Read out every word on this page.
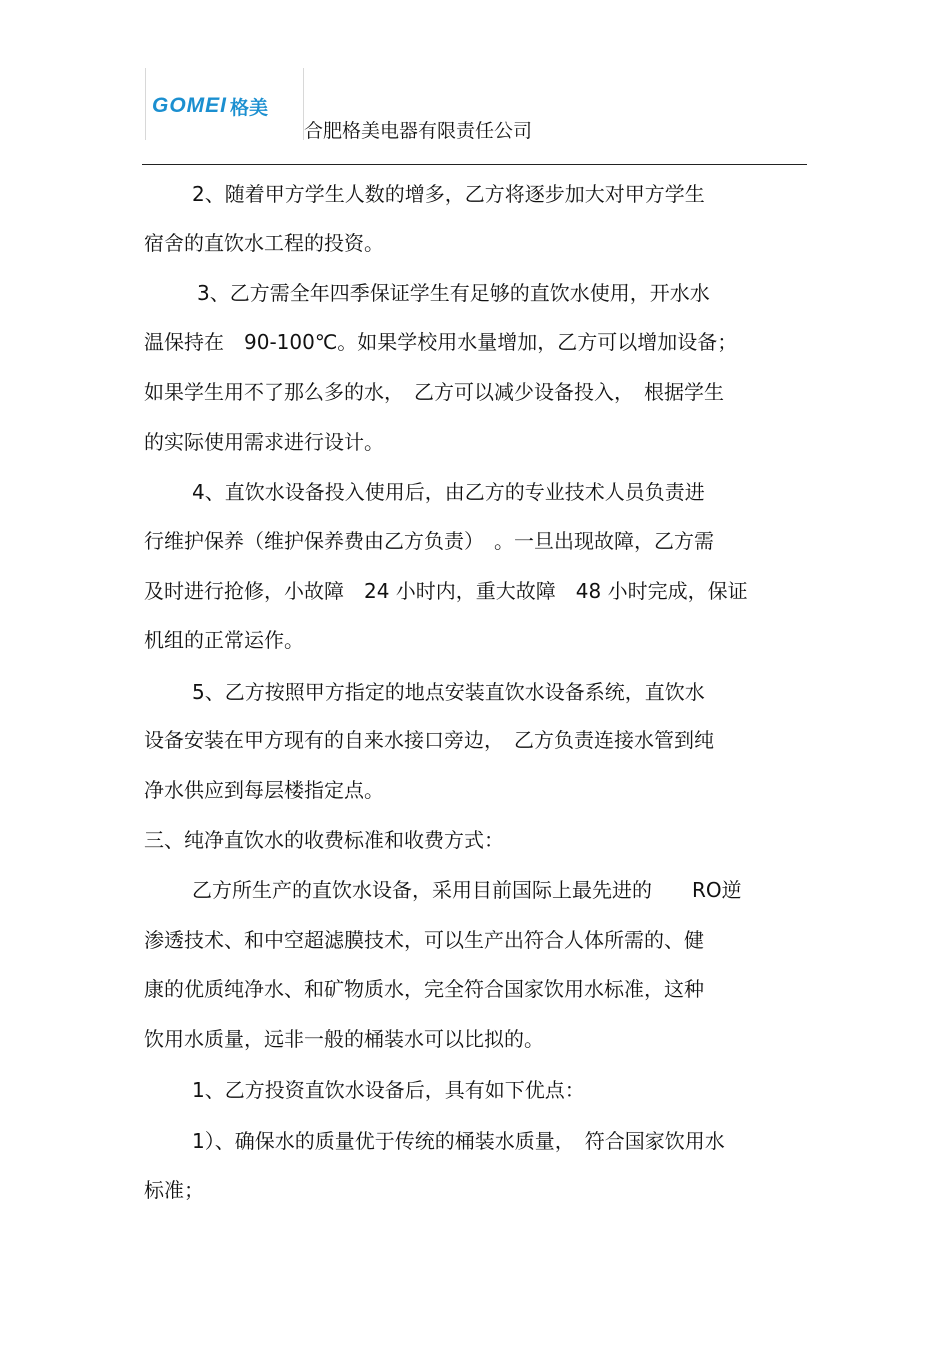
GOMEI 格美
合肥格美电器有限责任公司
2、随着甲方学生人数的增多，乙方将逐步加大对甲方学生
宿舍的直饮水工程的投资。
3、乙方需全年四季保证学生有足够的直饮水使用，开水水
温保持在　90-100℃。如果学校用水量增加，乙方可以增加设备；
如果学生用不了那么多的水，　乙方可以减少设备投入，　根据学生
的实际使用需求进行设计。
4、直饮水设备投入使用后，由乙方的专业技术人员负责进
行维护保养（维护保养费由乙方负责）　。一旦出现故障，乙方需
及时进行抢修，小故障　24 小时内，重大故障　48 小时完成，保证
机组的正常运作。
5、乙方按照甲方指定的地点安装直饮水设备系统，直饮水
设备安装在甲方现有的自来水接口旁边，　乙方负责连接水管到纯
净水供应到每层楼指定点。
三、纯净直饮水的收费标准和收费方式：
乙方所生产的直饮水设备，采用目前国际上最先进的　　RO逆
渗透技术、和中空超滤膜技术，可以生产出符合人体所需的、健
康的优质纯净水、和矿物质水，完全符合国家饮用水标准，这种
饮用水质量，远非一般的桶装水可以比拟的。
1、乙方投资直饮水设备后，具有如下优点：
1）、确保水的质量优于传统的桶装水质量，　符合国家饮用水
标准；
